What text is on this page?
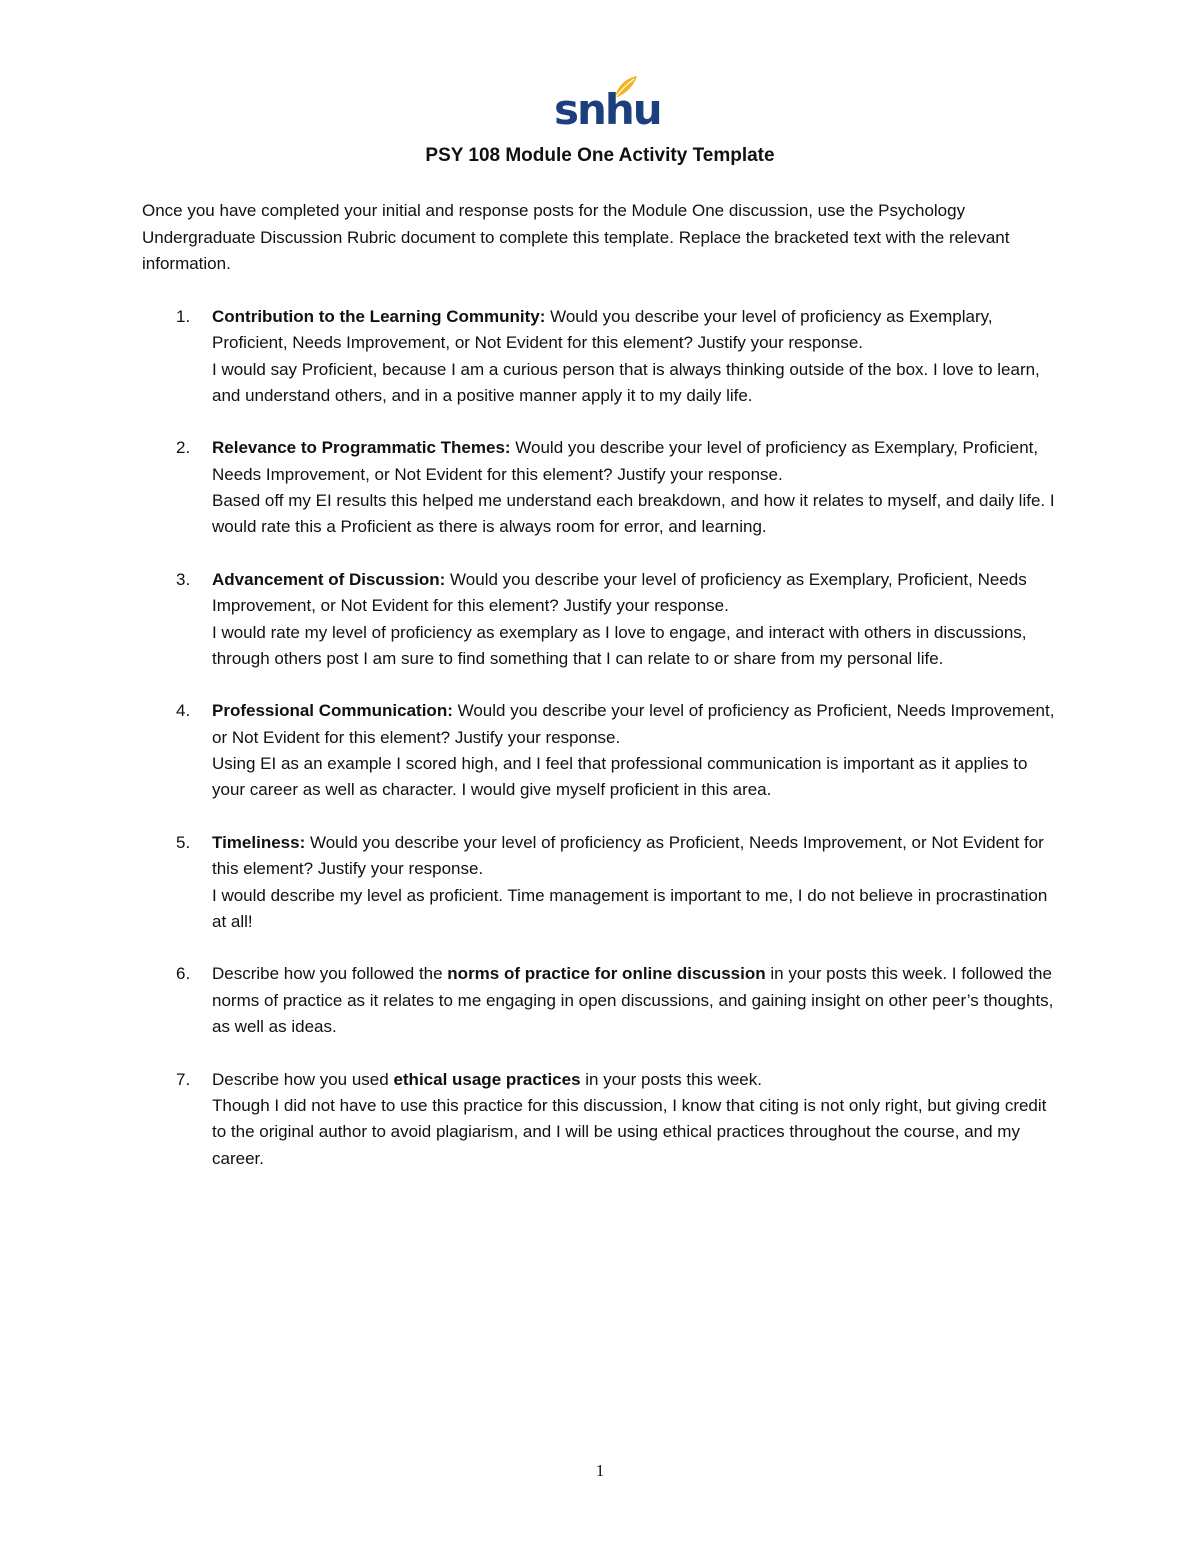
snhu
PSY 108 Module One Activity Template

Once you have completed your initial and response posts for the Module One discussion, use the Psychology Undergraduate Discussion Rubric document to complete this template. Replace the bracketed text with the relevant information.

1. Contribution to the Learning Community: Would you describe your level of proficiency as Exemplary, Proficient, Needs Improvement, or Not Evident for this element? Justify your response.
I would say Proficient, because I am a curious person that is always thinking outside of the box. I love to learn, and understand others, and in a positive manner apply it to my daily life.
2. Relevance to Programmatic Themes: Would you describe your level of proficiency as Exemplary, Proficient, Needs Improvement, or Not Evident for this element? Justify your response.
Based off my EI results this helped me understand each breakdown, and how it relates to myself, and daily life. I would rate this a Proficient as there is always room for error, and learning.
3. Advancement of Discussion: Would you describe your level of proficiency as Exemplary, Proficient, Needs Improvement, or Not Evident for this element? Justify your response.
I would rate my level of proficiency as exemplary as I love to engage, and interact with others in discussions, through others post I am sure to find something that I can relate to or share from my personal life.
4. Professional Communication: Would you describe your level of proficiency as Proficient, Needs Improvement, or Not Evident for this element? Justify your response.
Using EI as an example I scored high, and I feel that professional communication is important as it applies to your career as well as character. I would give myself proficient in this area.
5. Timeliness: Would you describe your level of proficiency as Proficient, Needs Improvement, or Not Evident for this element? Justify your response.
I would describe my level as proficient. Time management is important to me, I do not believe in procrastination at all!
6. Describe how you followed the norms of practice for online discussion in your posts this week. I followed the norms of practice as it relates to me engaging in open discussions, and gaining insight on other peer’s thoughts, as well as ideas.
7. Describe how you used ethical usage practices in your posts this week.
Though I did not have to use this practice for this discussion, I know that citing is not only right, but giving credit to the original author to avoid plagiarism, and I will be using ethical practices throughout the course, and my career.
1
